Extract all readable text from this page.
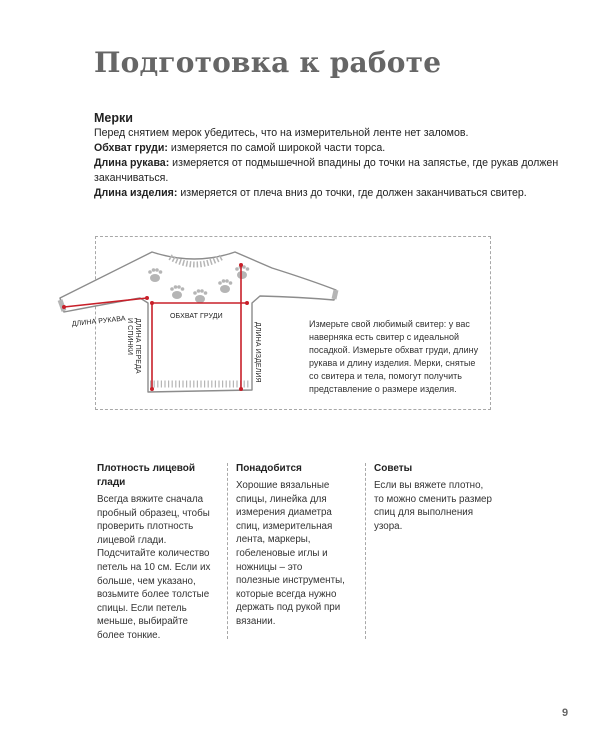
Подготовка к работе
Мерки
Перед снятием мерок убедитесь, что на измерительной ленте нет заломов.
Обхват груди: измеряется по самой широкой части торса.
Длина рукава: измеряется от подмышечной впадины до точки на запястье, где рукав должен заканчиваться.
Длина изделия: измеряется от плеча вниз до точки, где должен заканчиваться свитер.
ДЛИНА РУКАВА	ОБХВАТ ГРУДИ
ДЛИНА ПЕРЕДА
И СПИНКИ	ДЛИНА ИЗДЕЛИЯ	Измерьте свой любимый свитер: у вас наверняка есть свитер с идеальной посадкой. Измерьте обхват груди, длину рукава и длину изделия. Мерки, снятые со свитера и тела, помогут получить представление о размере изделия.
Плотность лицевой глади
Всегда вяжите сначала пробный образец, чтобы проверить плотность лицевой глади. Подсчитайте количество петель на 10 см. Если их больше, чем указано, возьмите более толстые спицы. Если петель меньше, выбирайте более тонкие.
Понадобится
Хорошие вязальные спицы, линейка для измерения диаметра спиц, измерительная лента, маркеры, гобеленовые иглы и ножницы – это полезные инструменты, которые всегда нужно держать под рукой при вязании.
Советы
Если вы вяжете плотно, то можно сменить размер спиц для выполнения узора.
9
